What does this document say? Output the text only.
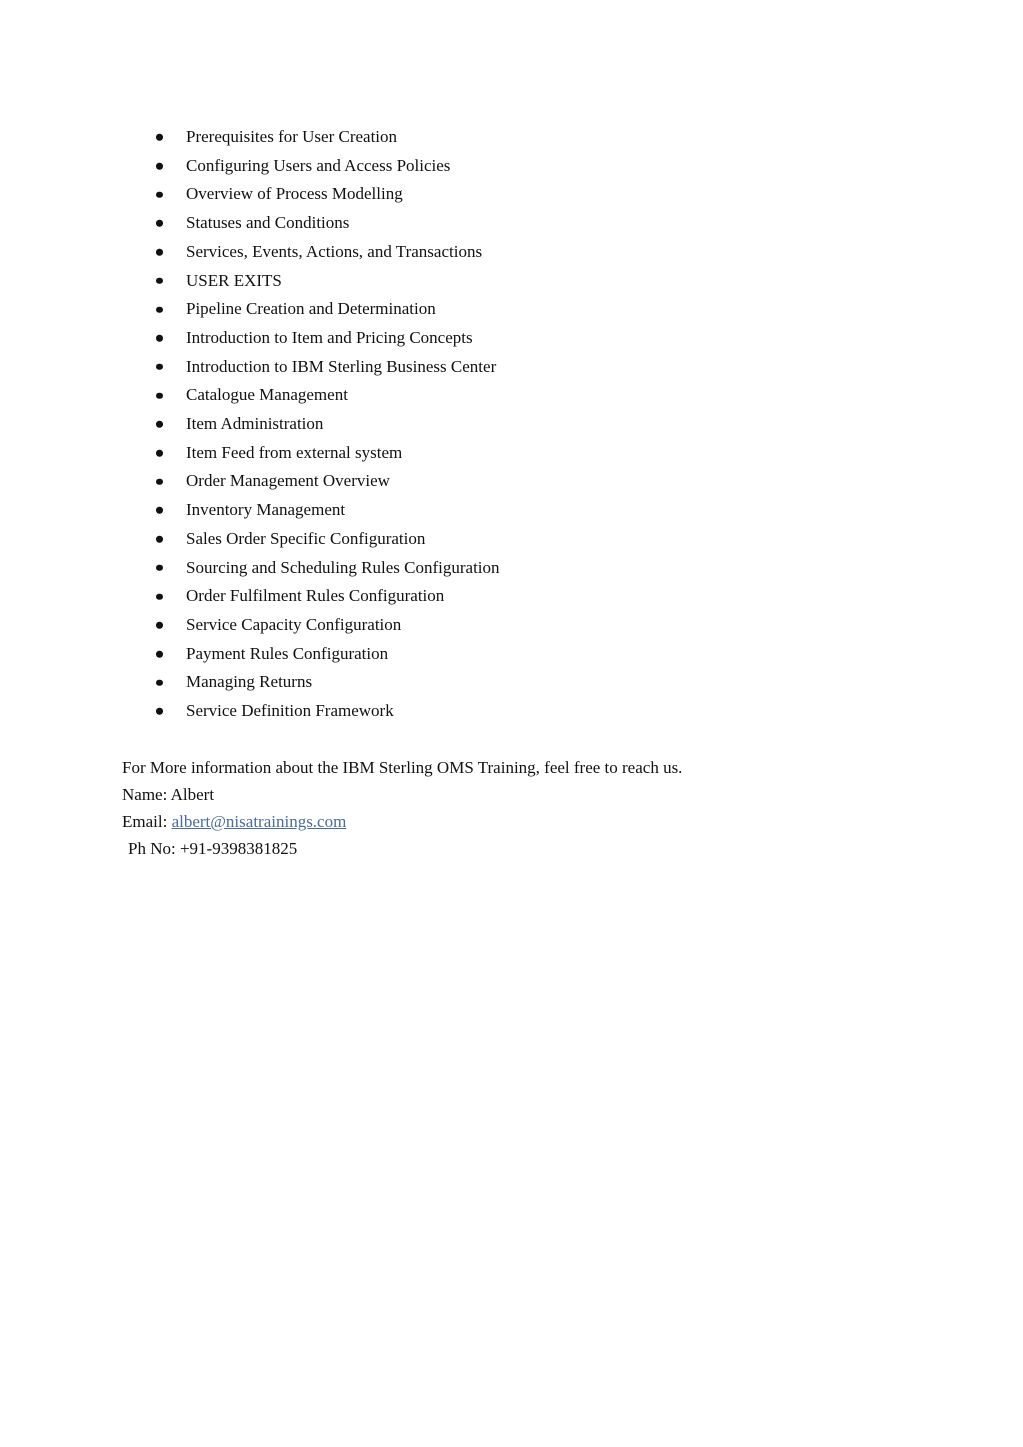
Prerequisites for User Creation
Configuring Users and Access Policies
Overview of Process Modelling
Statuses and Conditions
Services, Events, Actions, and Transactions
USER EXITS
Pipeline Creation and Determination
Introduction to Item and Pricing Concepts
Introduction to IBM Sterling Business Center
Catalogue Management
Item Administration
Item Feed from external system
Order Management Overview
Inventory Management
Sales Order Specific Configuration
Sourcing and Scheduling Rules Configuration
Order Fulfilment Rules Configuration
Service Capacity Configuration
Payment Rules Configuration
Managing Returns
Service Definition Framework
For More information about the IBM Sterling OMS Training, feel free to reach us.
Name: Albert
Email: albert@nisatrainings.com
Ph No: +91-9398381825
